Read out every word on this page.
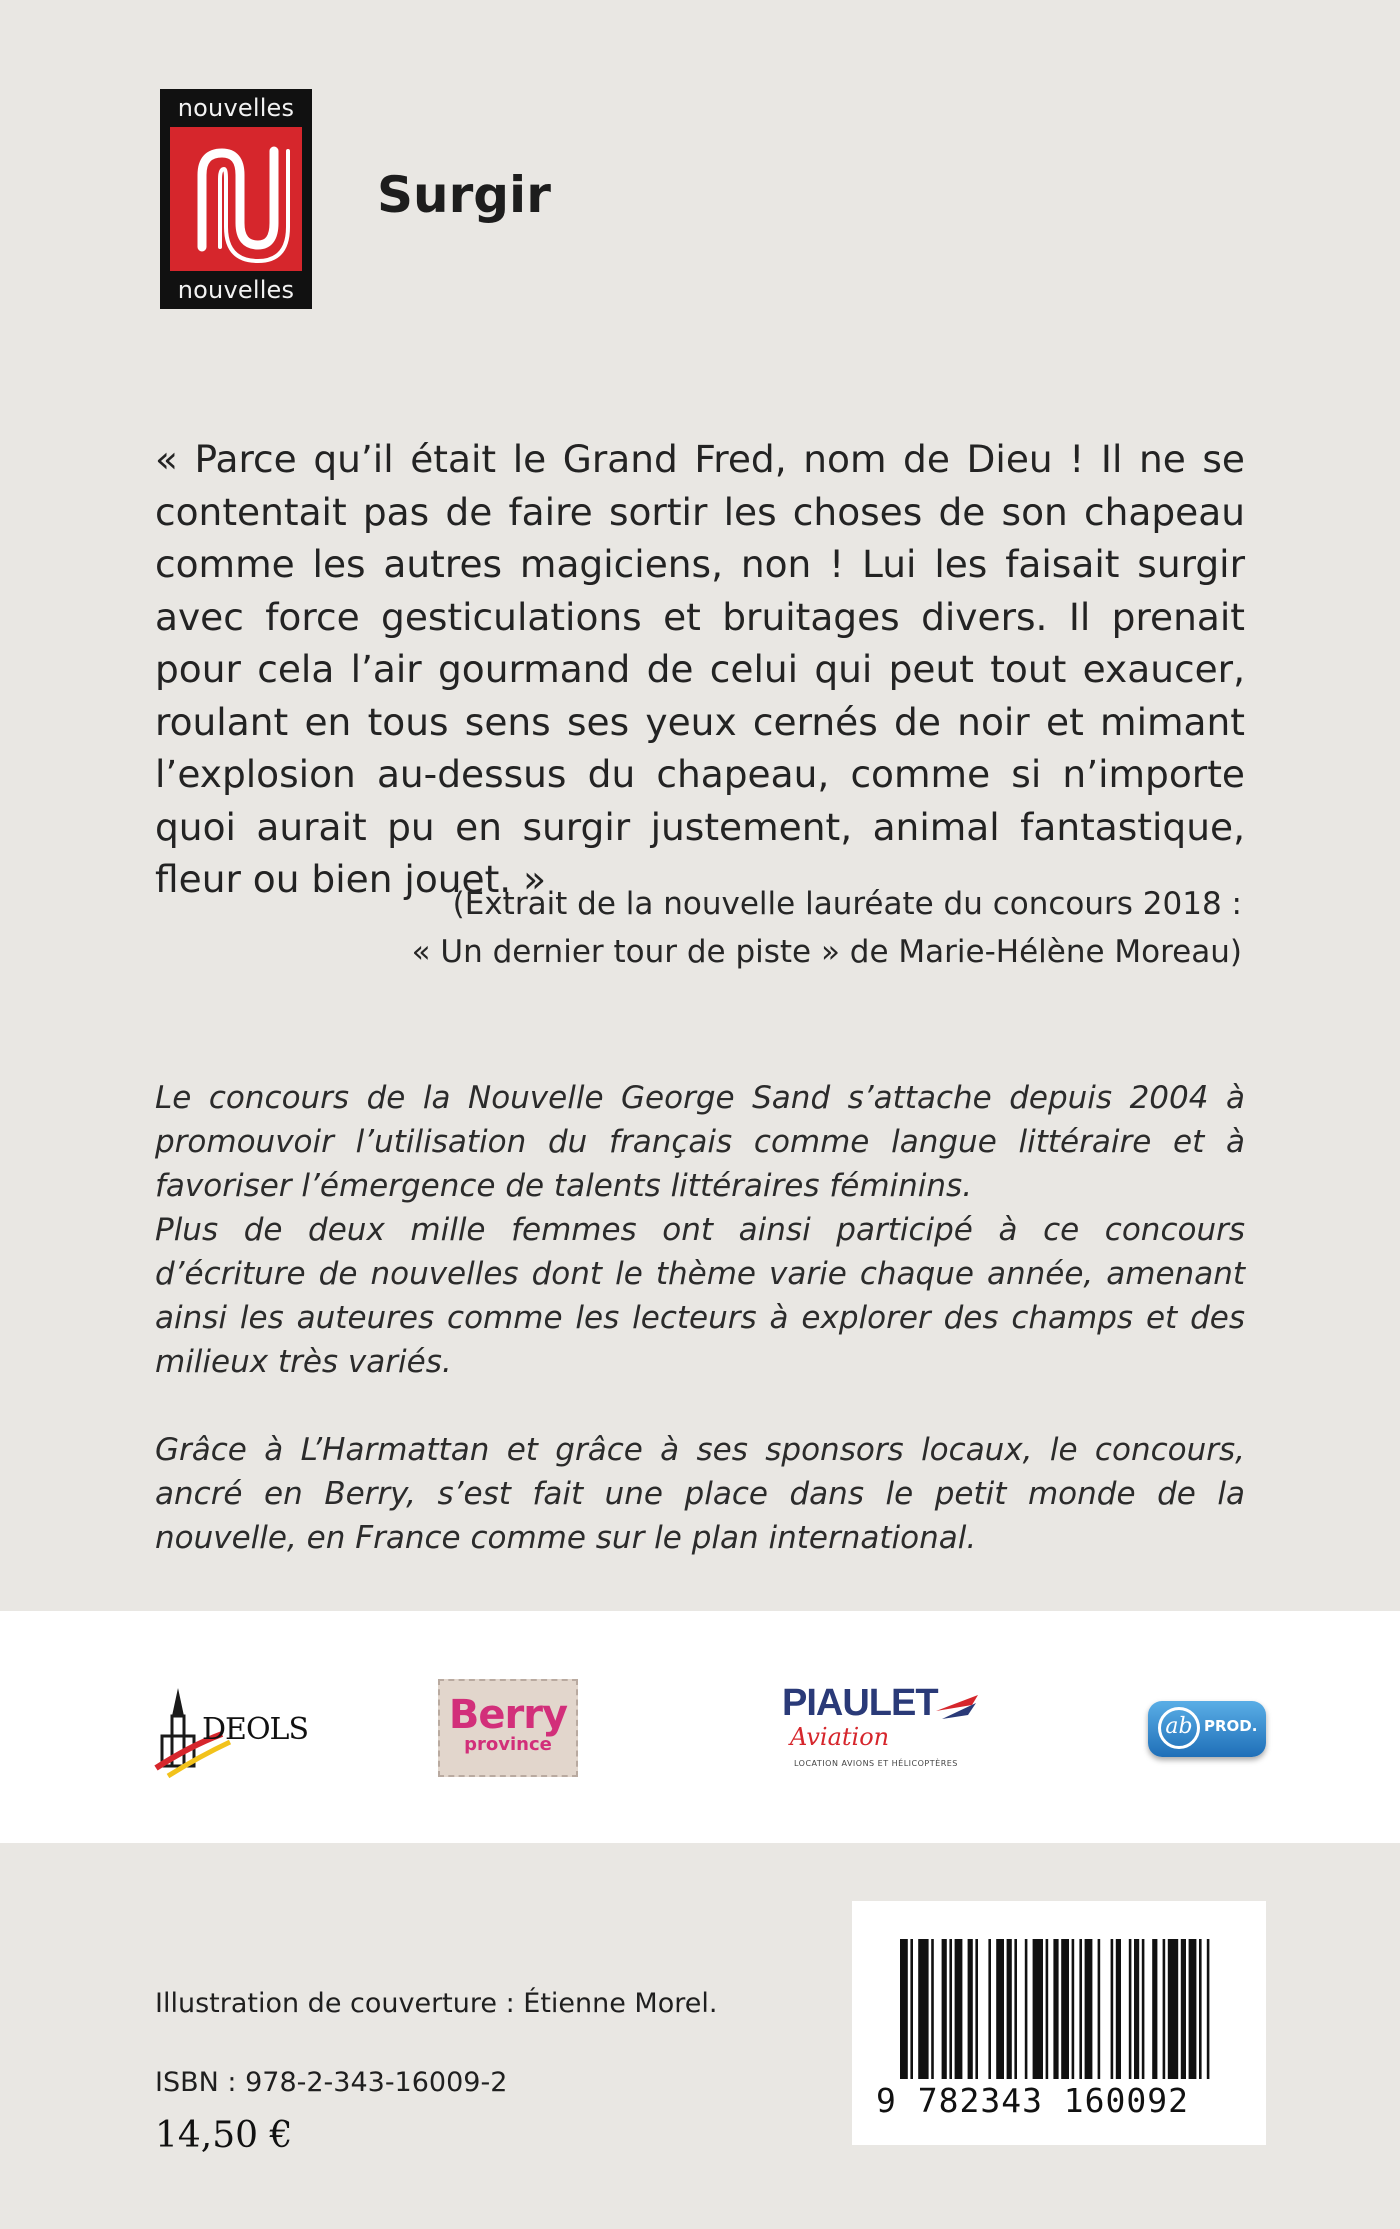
nouvelles
nouvelles
Surgir
« Parce qu’il était le Grand Fred, nom de Dieu ! Il ne se contentait pas de faire sortir les choses de son chapeau comme les autres magiciens, non ! Lui les faisait surgir avec force gesticulations et bruitages divers. Il prenait pour cela l’air gourmand de celui qui peut tout exaucer, roulant en tous sens ses yeux cernés de noir et mimant l’explosion au-dessus du chapeau, comme si n’importe quoi aurait pu en surgir justement, animal fantastique, fleur ou bien jouet. »
(Extrait de la nouvelle lauréate du concours 2018 :
« Un dernier tour de piste » de Marie-Hélène Moreau)

Le concours de la Nouvelle George Sand s’attache depuis 2004 à promouvoir l’utilisation du français comme langue littéraire et à favoriser l’émergence de talents littéraires féminins.

Plus de deux mille femmes ont ainsi participé à ce concours d’écriture de nouvelles dont le thème varie chaque année, amenant ainsi les auteures comme les lecteurs à explorer des champs et des milieux très variés.

Grâce à L’Harmattan et grâce à ses sponsors locaux, le concours, ancré en Berry, s’est fait une place dans le petit monde de la nouvelle, en France comme sur le plan international.

DEOLS	Berry
province
PIAULET
Aviation
LOCATION AVIONS ET HÉLICOPTÈRES
ab PROD.
Illustration de couverture : Étienne Morel.
ISBN : 978-2-343-16009-2
14,50 €
9 782343 160092
